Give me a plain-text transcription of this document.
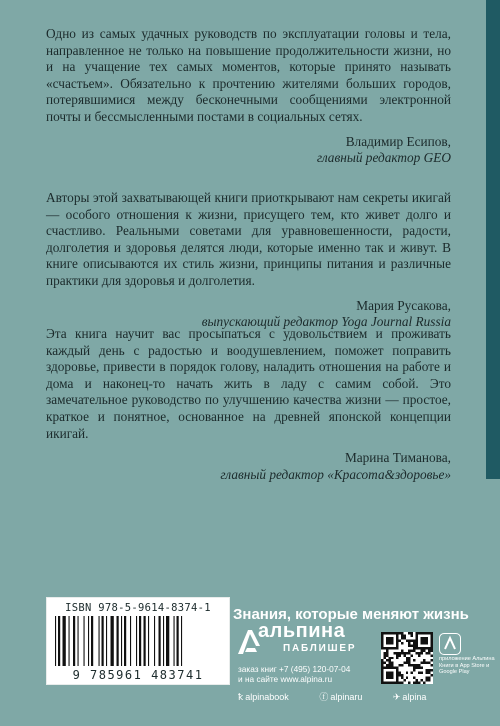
Одно из самых удачных руководств по эксплуатации головы и тела, направленное не только на повышение продолжительности жизни, но и на учащение тех самых моментов, которые принято называть «счастьем». Обязательно к прочтению жителями больших городов, потерявшимися между бесконечными сообщениями электронной почты и бессмысленными постами в социальных сетях.

Владимир Есипов,
главный редактор GEO

Авторы этой захватывающей книги приоткрывают нам секреты икигай — особого отношения к жизни, присущего тем, кто живет долго и счастливо. Реальными советами для уравновешенности, радости, долголетия и здоровья делятся люди, которые именно так и живут. В книге описываются их стиль жизни, принципы питания и различные практики для здоровья и долголетия.

Мария Русакова,
выпускающий редактор Yoga Journal Russia

Эта книга научит вас просыпаться с удовольствием и проживать каждый день с радостью и воодушевлением, поможет поправить здоровье, привести в порядок голову, наладить отношения на работе и дома и наконец-то начать жить в ладу с самим собой. Это замечательное руководство по улучшению качества жизни — простое, краткое и понятное, основанное на древней японской концепции икигай.

Марина Тиманова,
главный редактор «Красота&здоровье»
ISBN 978-5-9614-8374-1
9 785961 483741
Знания, которые меняют жизнь
альпина
ПАБЛИШЕР
заказ книг +7 (495) 120-07-04
и на сайте www.alpina.ru
приложение Альпина Книги в App Store и Google Play
ꝁ alpinabook	ⓕ alpinaru	✈ alpina
